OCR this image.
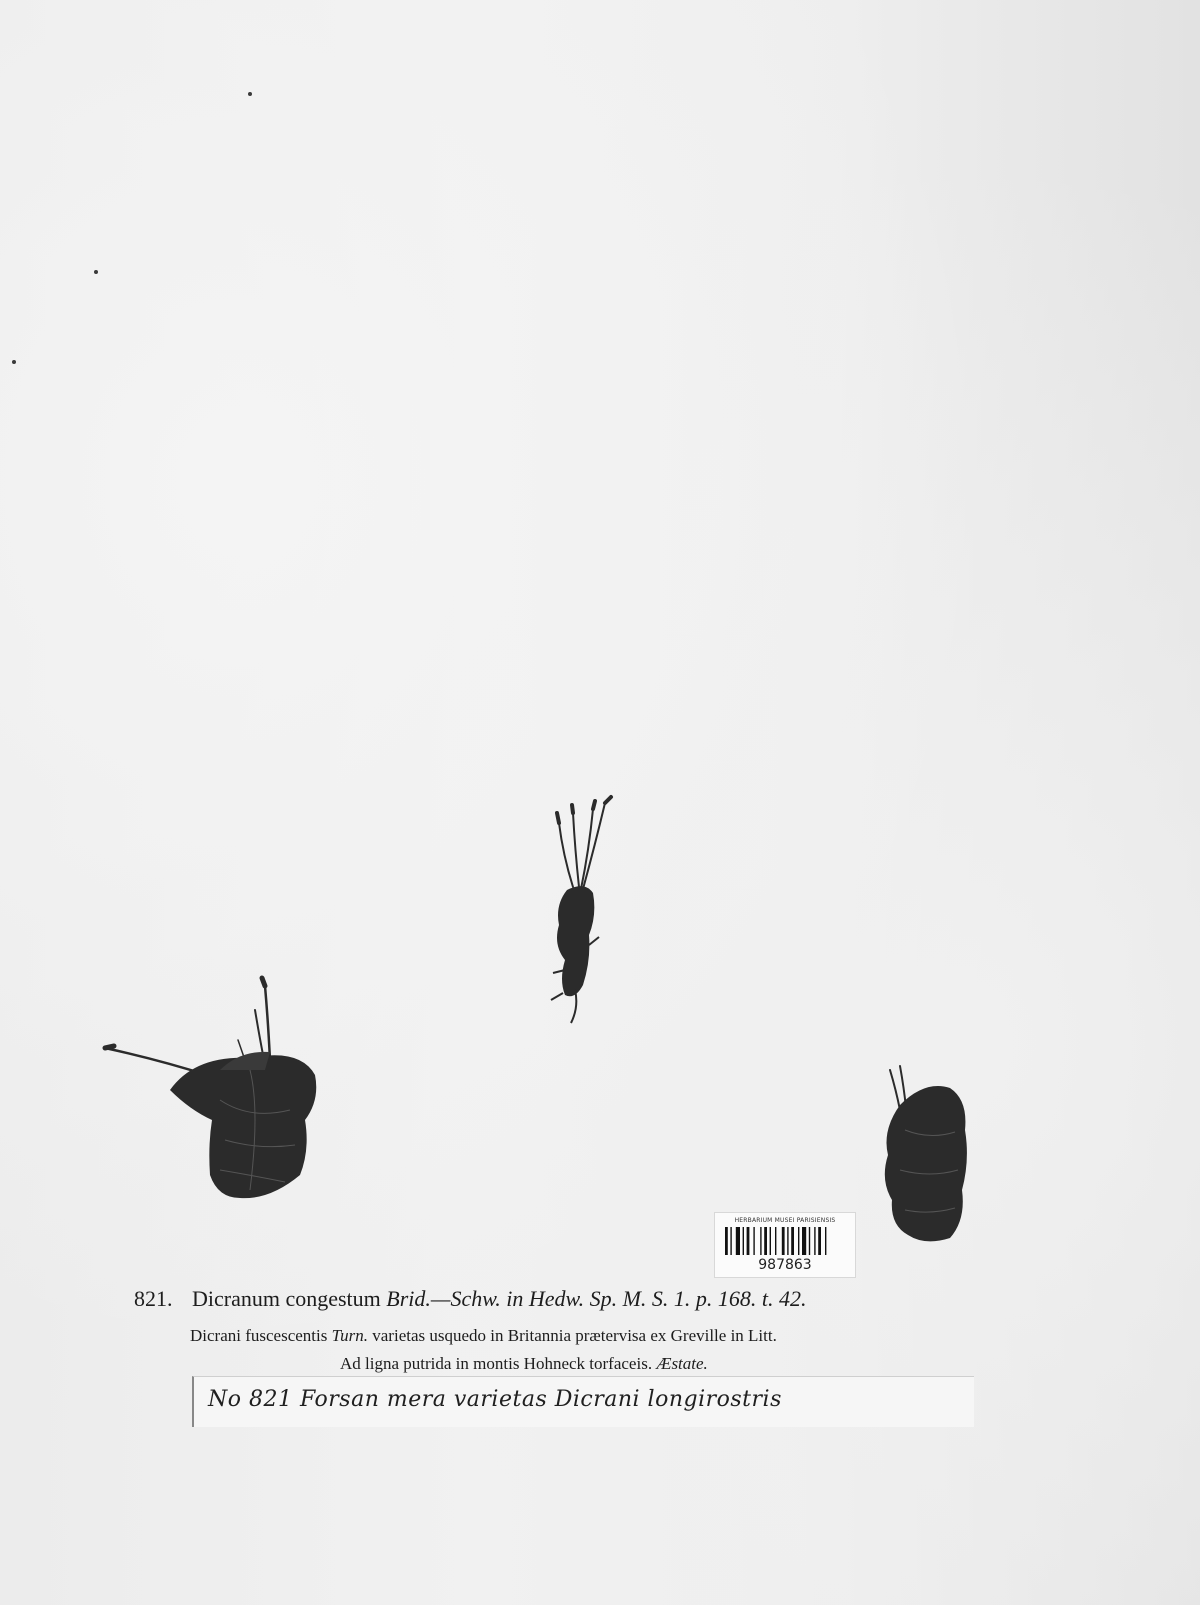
HERBARIUM MUSEI PARISIENSIS
987863
821. Dicranum congestum Brid.—Schw. in Hedw. Sp. M. S. 1. p. 168. t. 42.
Dicrani fuscescentis Turn. varietas usquedo in Britannia prætervisa ex Greville in Litt.
Ad ligna putrida in montis Hohneck torfaceis. Æstate.
No 821 Forsan mera varietas Dicrani longirostris
